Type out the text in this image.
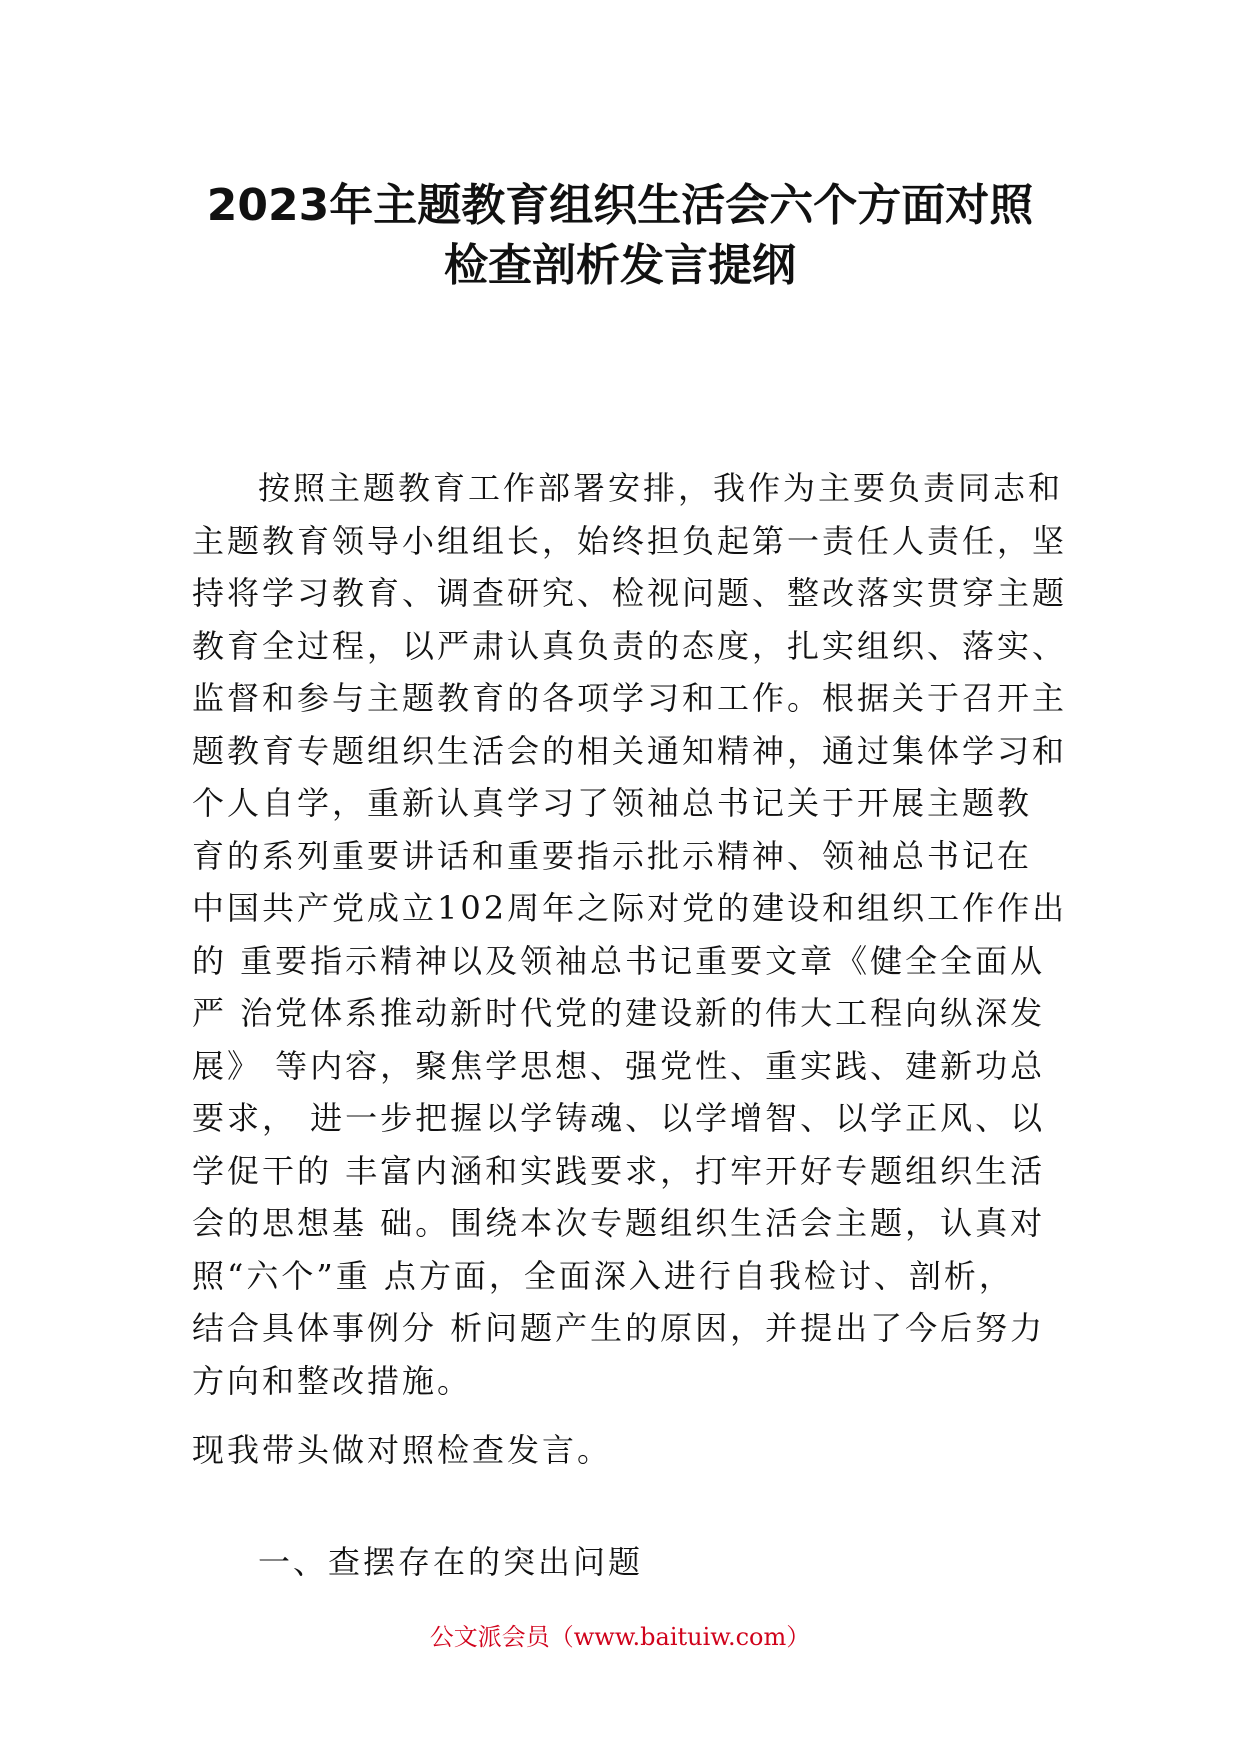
2023年主题教育组织生活会六个方面对照
检查剖析发言提纲
按照主题教育工作部署安排，我作为主要负责同志和
主题教育领导小组组长，始终担负起第一责任人责任，坚
持将学习教育、调查研究、检视问题、整改落实贯穿主题
教育全过程，以严肃认真负责的态度，扎实组织、落实、
监督和参与主题教育的各项学习和工作。根据关于召开主
题教育专题组织生活会的相关通知精神，通过集体学习和
个人自学，重新认真学习了领袖总书记关于开展主题教
育的系列重要讲话和重要指示批示精神、领袖总书记在
中国共产党成立102周年之际对党的建设和组织工作作出
的 重要指示精神以及领袖总书记重要文章《健全全面从
严 治党体系推动新时代党的建设新的伟大工程向纵深发
展》 等内容，聚焦学思想、强党性、重实践、建新功总
要求， 进一步把握以学铸魂、以学增智、以学正风、以
学促干的 丰富内涵和实践要求，打牢开好专题组织生活
会的思想基 础。围绕本次专题组织生活会主题，认真对
照“六个”重 点方面，全面深入进行自我检讨、剖析，
结合具体事例分 析问题产生的原因，并提出了今后努力
方向和整改措施。

现我带头做对照检查发言。

一、查摆存在的突出问题

公文派会员（www.baituiw.com）
